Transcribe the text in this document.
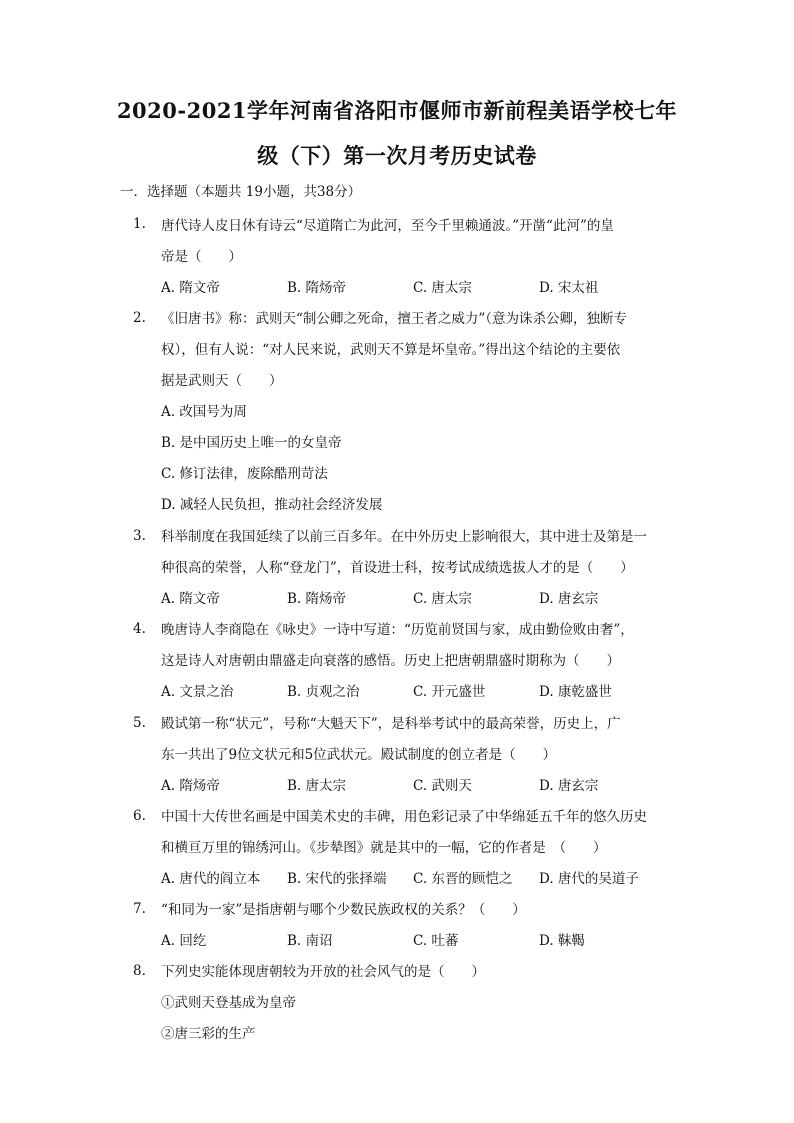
2020-2021学年河南省洛阳市偃师市新前程美语学校七年
级（下）第一次月考历史试卷
一．选择题（本题共 19小题，共38分）
1. 唐代诗人皮日休有诗云“尽道隋亡为此河，至今千里赖通波。”开凿“此河”的皇
帝是（　　）
A. 隋文帝	B. 隋炀帝	C. 唐太宗	D. 宋太祖
2. 《旧唐书》称：武则天“制公卿之死命，擅王者之威力”（意为诛杀公卿，独断专
权），但有人说：“对人民来说，武则天不算是坏皇帝。”得出这个结论的主要依
据是武则天（　　）
A. 改国号为周
B. 是中国历史上唯一的女皇帝
C. 修订法律，废除酷刑苛法
D. 减轻人民负担，推动社会经济发展
3. 科举制度在我国延续了以前三百多年。在中外历史上影响很大，其中进士及第是一
种很高的荣誉，人称“登龙门”，首设进士科，按考试成绩选拔人才的是（　　）
A. 隋文帝	B. 隋炀帝	C. 唐太宗	D. 唐玄宗
4. 晚唐诗人李商隐在《咏史》一诗中写道：“历览前贤国与家，成由勤俭败由奢”，
这是诗人对唐朝由鼎盛走向衰落的感悟。历史上把唐朝鼎盛时期称为（　　）
A. 文景之治	B. 贞观之治	C. 开元盛世	D. 康乾盛世
5. 殿试第一称“状元”，号称“大魁天下”，是科举考试中的最高荣誉，历史上，广
东一共出了9位文状元和5位武状元。殿试制度的创立者是（　　）
A. 隋炀帝	B. 唐太宗	C. 武则天	D. 唐玄宗
6. 中国十大传世名画是中国美术史的丰碑，用色彩记录了中华绵延五千年的悠久历史
和横亘万里的锦绣河山。《步辇图》就是其中的一幅，它的作者是　（　　）
A. 唐代的阎立本 B. 宋代的张择端 C. 东晋的顾恺之 D. 唐代的吴道子
7. “和同为一家”是指唐朝与哪个少数民族政权的关系？（　　）
A. 回纥	B. 南诏	C. 吐蕃	D. 靺鞨
8. 下列史实能体现唐朝较为开放的社会风气的是（　　）
①武则天登基成为皇帝
②唐三彩的生产
